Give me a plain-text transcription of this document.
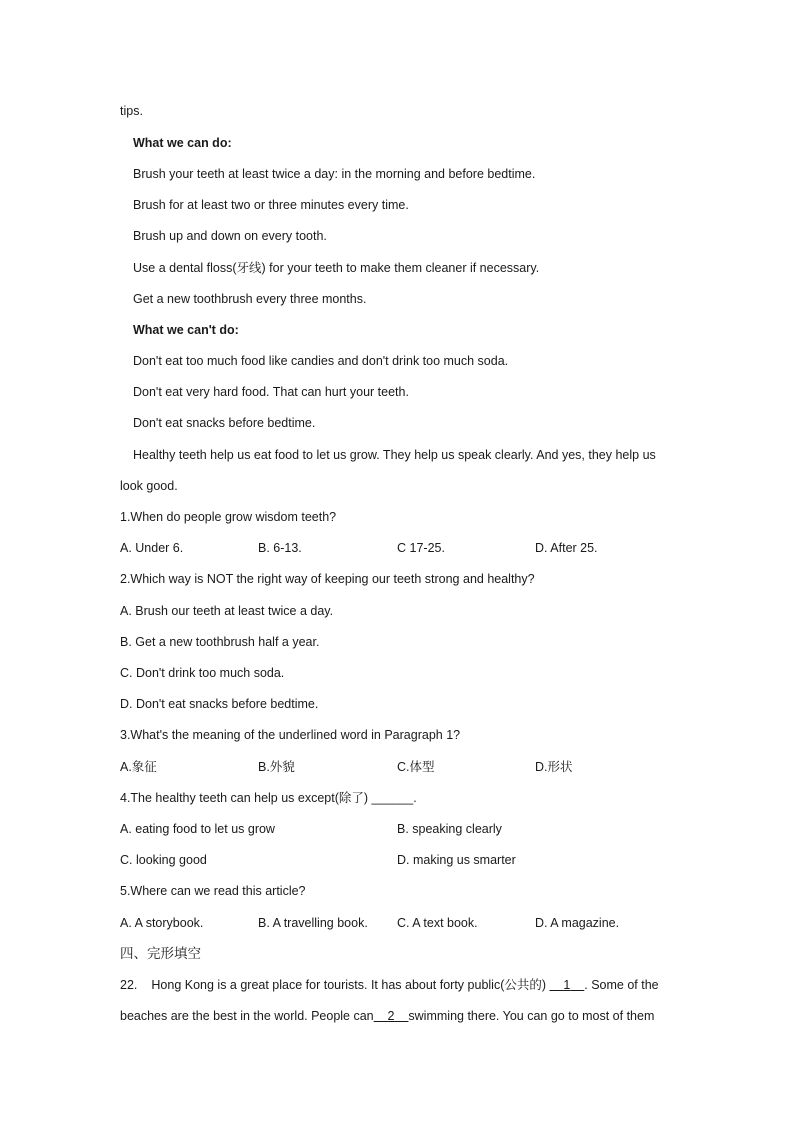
tips.
What we can do:
Brush your teeth at least twice a day: in the morning and before bedtime.
Brush for at least two or three minutes every time.
Brush up and down on every tooth.
Use a dental floss(牙线) for your teeth to make them cleaner if necessary.
Get a new toothbrush every three months.
What we can't do:
Don't eat too much food like candies and don't drink too much soda.
Don't eat very hard food. That can hurt your teeth.
Don't eat snacks before bedtime.
Healthy teeth help us eat food to let us grow. They help us speak clearly. And yes, they help us
look good.
1.When do people grow wisdom teeth?
A. Under 6.	B. 6-13.	C 17-25.	D. After 25.
2.Which way is NOT the right way of keeping our teeth strong and healthy?
A. Brush our teeth at least twice a day.
B. Get a new toothbrush half a year.
C. Don't drink too much soda.
D. Don't eat snacks before bedtime.
3.What's the meaning of the underlined word in Paragraph 1?
A.象征	B.外貌	C.体型	D.形状
4.The healthy teeth can help us except(除了) ______.
A. eating food to let us grow	B. speaking clearly
C. looking good	D. making us smarter
5.Where can we read this article?
A. A storybook.	B. A travelling book. C. A text book.	D. A magazine.
四、完形填空
22. Hong Kong is a great place for tourists. It has about forty public(公共的)     1 . Some of the
beaches are the best in the world. People can 2 swimming there. You can go to most of them
